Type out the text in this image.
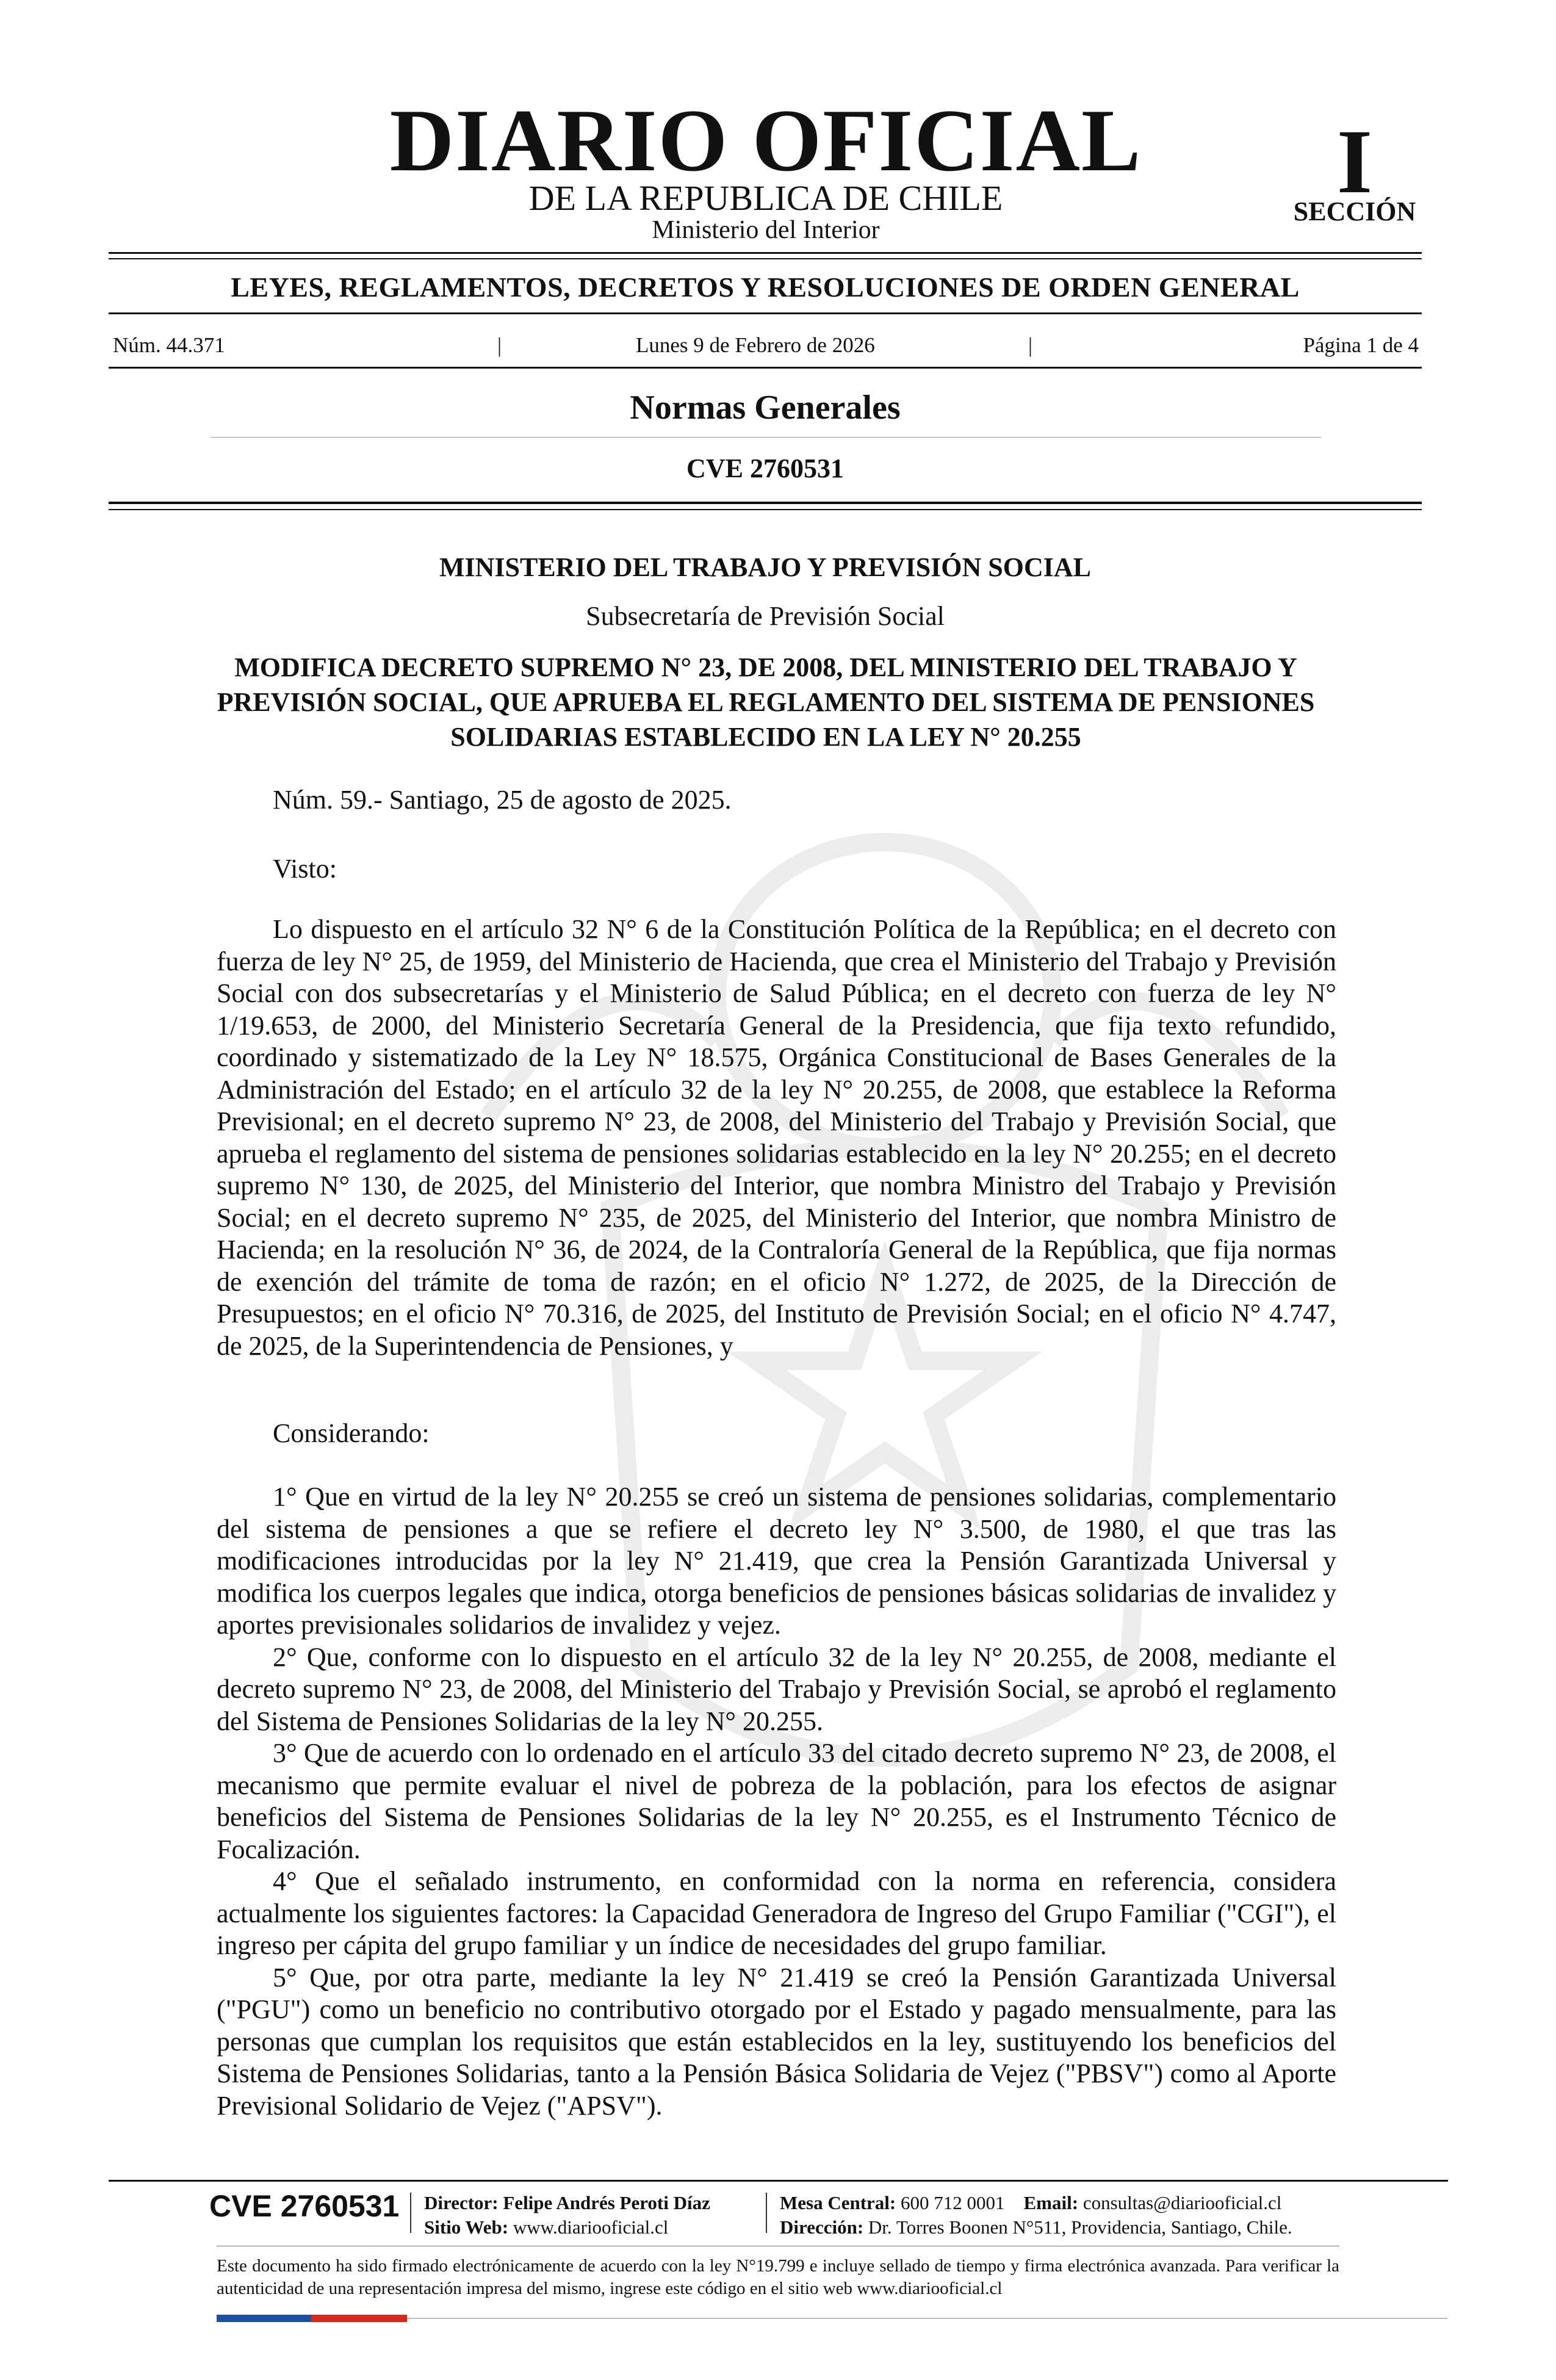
DIARIO OFICIAL
DE LA REPUBLICA DE CHILE
Ministerio del Interior
I
SECCIÓN
LEYES, REGLAMENTOS, DECRETOS Y RESOLUCIONES DE ORDEN GENERAL
Núm. 44.371	|	Lunes 9 de Febrero de 2026	|	Página 1 de 4
Normas Generales
CVE 2760531
MINISTERIO DEL TRABAJO Y PREVISIÓN SOCIAL
Subsecretaría de Previsión Social
MODIFICA DECRETO SUPREMO N° 23, DE 2008, DEL MINISTERIO DEL TRABAJO Y PREVISIÓN SOCIAL, QUE APRUEBA EL REGLAMENTO DEL SISTEMA DE PENSIONES SOLIDARIAS ESTABLECIDO EN LA LEY N° 20.255
Núm. 59.- Santiago, 25 de agosto de 2025.
Visto:

Lo dispuesto en el artículo 32 N° 6 de la Constitución Política de la República; en el decreto con fuerza de ley N° 25, de 1959, del Ministerio de Hacienda, que crea el Ministerio del Trabajo y Previsión Social con dos subsecretarías y el Ministerio de Salud Pública; en el decreto con fuerza de ley N° 1/19.653, de 2000, del Ministerio Secretaría General de la Presidencia, que fija texto refundido, coordinado y sistematizado de la Ley N° 18.575, Orgánica Constitucional de Bases Generales de la Administración del Estado; en el artículo 32 de la ley N° 20.255, de 2008, que establece la Reforma Previsional; en el decreto supremo N° 23, de 2008, del Ministerio del Trabajo y Previsión Social, que aprueba el reglamento del sistema de pensiones solidarias establecido en la ley N° 20.255; en el decreto supremo N° 130, de 2025, del Ministerio del Interior, que nombra Ministro del Trabajo y Previsión Social; en el decreto supremo N° 235, de 2025, del Ministerio del Interior, que nombra Ministro de Hacienda; en la resolución N° 36, de 2024, de la Contraloría General de la República, que fija normas de exención del trámite de toma de razón; en el oficio N° 1.272, de 2025, de la Dirección de Presupuestos; en el oficio N° 70.316, de 2025, del Instituto de Previsión Social; en el oficio N° 4.747, de 2025, de la Superintendencia de Pensiones, y

Considerando:

1° Que en virtud de la ley N° 20.255 se creó un sistema de pensiones solidarias, complementario del sistema de pensiones a que se refiere el decreto ley N° 3.500, de 1980, el que tras las modificaciones introducidas por la ley N° 21.419, que crea la Pensión Garantizada Universal y modifica los cuerpos legales que indica, otorga beneficios de pensiones básicas solidarias de invalidez y aportes previsionales solidarios de invalidez y vejez.

2° Que, conforme con lo dispuesto en el artículo 32 de la ley N° 20.255, de 2008, mediante el decreto supremo N° 23, de 2008, del Ministerio del Trabajo y Previsión Social, se aprobó el reglamento del Sistema de Pensiones Solidarias de la ley N° 20.255.

3° Que de acuerdo con lo ordenado en el artículo 33 del citado decreto supremo N° 23, de 2008, el mecanismo que permite evaluar el nivel de pobreza de la población, para los efectos de asignar beneficios del Sistema de Pensiones Solidarias de la ley N° 20.255, es el Instrumento Técnico de Focalización.

4° Que el señalado instrumento, en conformidad con la norma en referencia, considera actualmente los siguientes factores: la Capacidad Generadora de Ingreso del Grupo Familiar ("CGI"), el ingreso per cápita del grupo familiar y un índice de necesidades del grupo familiar.

5° Que, por otra parte, mediante la ley N° 21.419 se creó la Pensión Garantizada Universal ("PGU") como un beneficio no contributivo otorgado por el Estado y pagado mensualmente, para las personas que cumplan los requisitos que están establecidos en la ley, sustituyendo los beneficios del Sistema de Pensiones Solidarias, tanto a la Pensión Básica Solidaria de Vejez ("PBSV") como al Aporte Previsional Solidario de Vejez ("APSV").

CVE 2760531 Director: Felipe Andrés Peroti Díaz
Sitio Web: www.diariooficial.cl
Mesa Central: 600 712 0001 Email: consultas@diariooficial.cl
Dirección: Dr. Torres Boonen N°511, Providencia, Santiago, Chile.
Este documento ha sido firmado electrónicamente de acuerdo con la ley N°19.799 e incluye sellado de tiempo y firma electrónica avanzada. Para verificar la autenticidad de una representación impresa del mismo, ingrese este código en el sitio web www.diariooficial.cl
